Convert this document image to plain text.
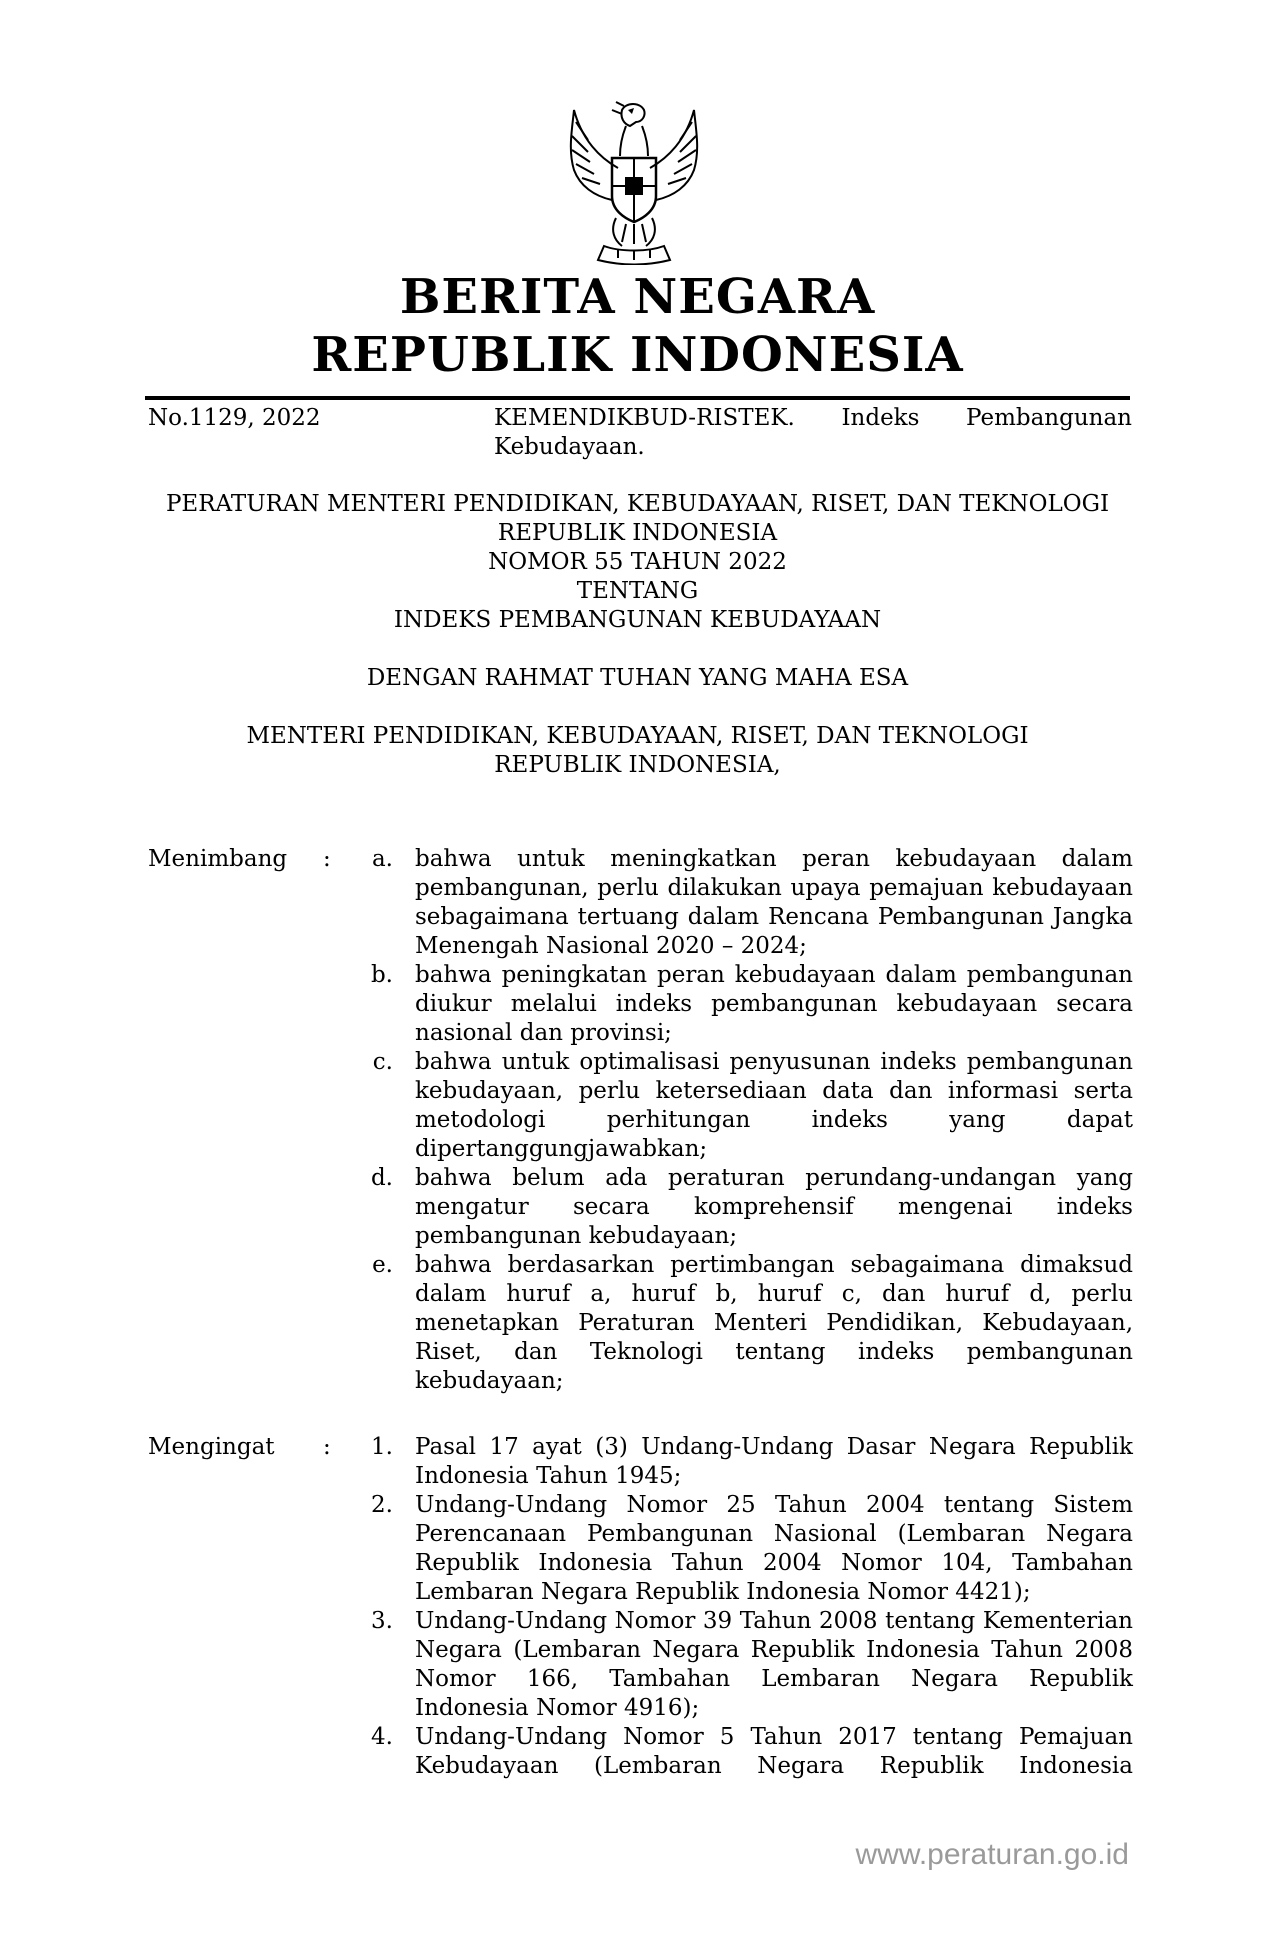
BERITA NEGARA
REPUBLIK INDONESIA
No.1129, 2022	KEMENDIKBUD-RISTEK. Indeks Pembangunan Kebudayaan.
PERATURAN MENTERI PENDIDIKAN, KEBUDAYAAN, RISET, DAN TEKNOLOGI
REPUBLIK INDONESIA
NOMOR 55 TAHUN 2022
TENTANG
INDEKS PEMBANGUNAN KEBUDAYAAN
DENGAN RAHMAT TUHAN YANG MAHA ESA
MENTERI PENDIDIKAN, KEBUDAYAAN, RISET, DAN TEKNOLOGI
REPUBLIK INDONESIA,
Menimbang :	a. bahwa untuk meningkatkan peran kebudayaan dalam pembangunan, perlu dilakukan upaya pemajuan kebudayaan sebagaimana tertuang dalam Rencana Pembangunan Jangka Menengah Nasional 2020 – 2024;
b. bahwa peningkatan peran kebudayaan dalam pembangunan diukur melalui indeks pembangunan kebudayaan secara nasional dan provinsi;
c. bahwa untuk optimalisasi penyusunan indeks pembangunan kebudayaan, perlu ketersediaan data dan informasi serta metodologi perhitungan indeks yang dapat dipertanggungjawabkan;
d. bahwa belum ada peraturan perundang-undangan yang mengatur secara komprehensif mengenai indeks pembangunan kebudayaan;
e. bahwa berdasarkan pertimbangan sebagaimana dimaksud dalam huruf a, huruf b, huruf c, dan huruf d, perlu menetapkan Peraturan Menteri Pendidikan, Kebudayaan, Riset, dan Teknologi tentang indeks pembangunan kebudayaan;
Mengingat :	1. Pasal 17 ayat (3) Undang-Undang Dasar Negara Republik Indonesia Tahun 1945;
2. Undang-Undang Nomor 25 Tahun 2004 tentang Sistem Perencanaan Pembangunan Nasional (Lembaran Negara Republik Indonesia Tahun 2004 Nomor 104, Tambahan Lembaran Negara Republik Indonesia Nomor 4421);
3. Undang-Undang Nomor 39 Tahun 2008 tentang Kementerian Negara (Lembaran Negara Republik Indonesia Tahun 2008 Nomor 166, Tambahan Lembaran Negara Republik Indonesia Nomor 4916);
4. Undang-Undang Nomor 5 Tahun 2017 tentang Pemajuan Kebudayaan (Lembaran Negara Republik Indonesia
www.peraturan.go.id
